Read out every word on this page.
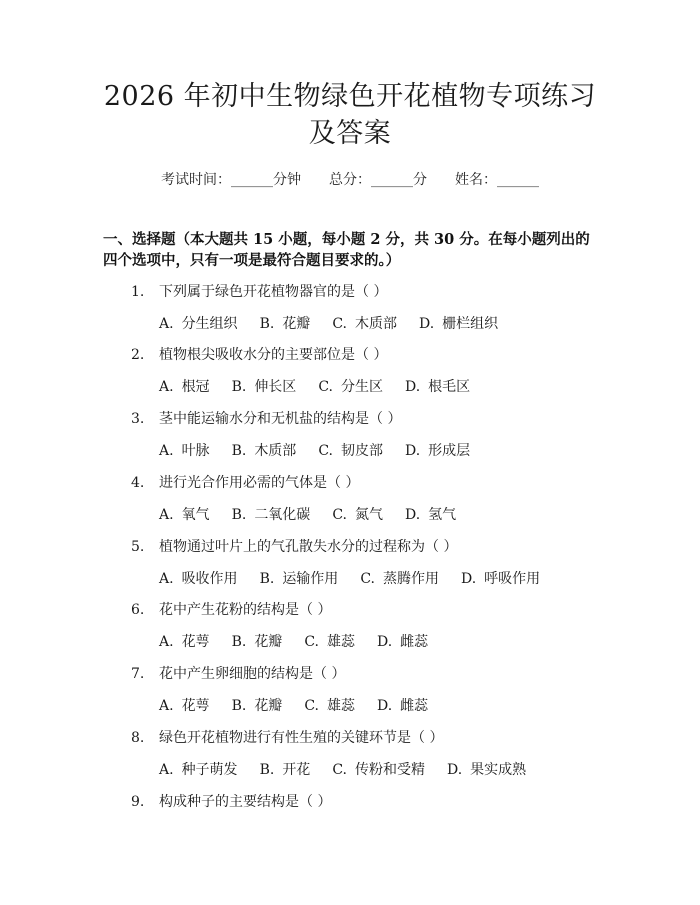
2026 年初中生物绿色开花植物专项练习及答案
考试时间：______分钟 总分：______分 姓名：______

一、选择题（本大题共 15 小题，每小题 2 分，共 30 分。在每小题列出的四个选项中，只有一项是最符合题目要求的。）

1. 下列属于绿色开花植物器官的是（ ）
A. 分生组织 B. 花瓣 C. 木质部 D. 栅栏组织
2. 植物根尖吸收水分的主要部位是（ ）
A. 根冠 B. 伸长区 C. 分生区 D. 根毛区
3. 茎中能运输水分和无机盐的结构是（ ）
A. 叶脉 B. 木质部 C. 韧皮部 D. 形成层
4. 进行光合作用必需的气体是（ ）
A. 氧气 B. 二氧化碳 C. 氮气 D. 氢气
5. 植物通过叶片上的气孔散失水分的过程称为（ ）
A. 吸收作用 B. 运输作用 C. 蒸腾作用 D. 呼吸作用
6. 花中产生花粉的结构是（ ）
A. 花萼 B. 花瓣 C. 雄蕊 D. 雌蕊
7. 花中产生卵细胞的结构是（ ）
A. 花萼 B. 花瓣 C. 雄蕊 D. 雌蕊
8. 绿色开花植物进行有性生殖的关键环节是（ ）
A. 种子萌发 B. 开花 C. 传粉和受精 D. 果实成熟
9. 构成种子的主要结构是（ ）
